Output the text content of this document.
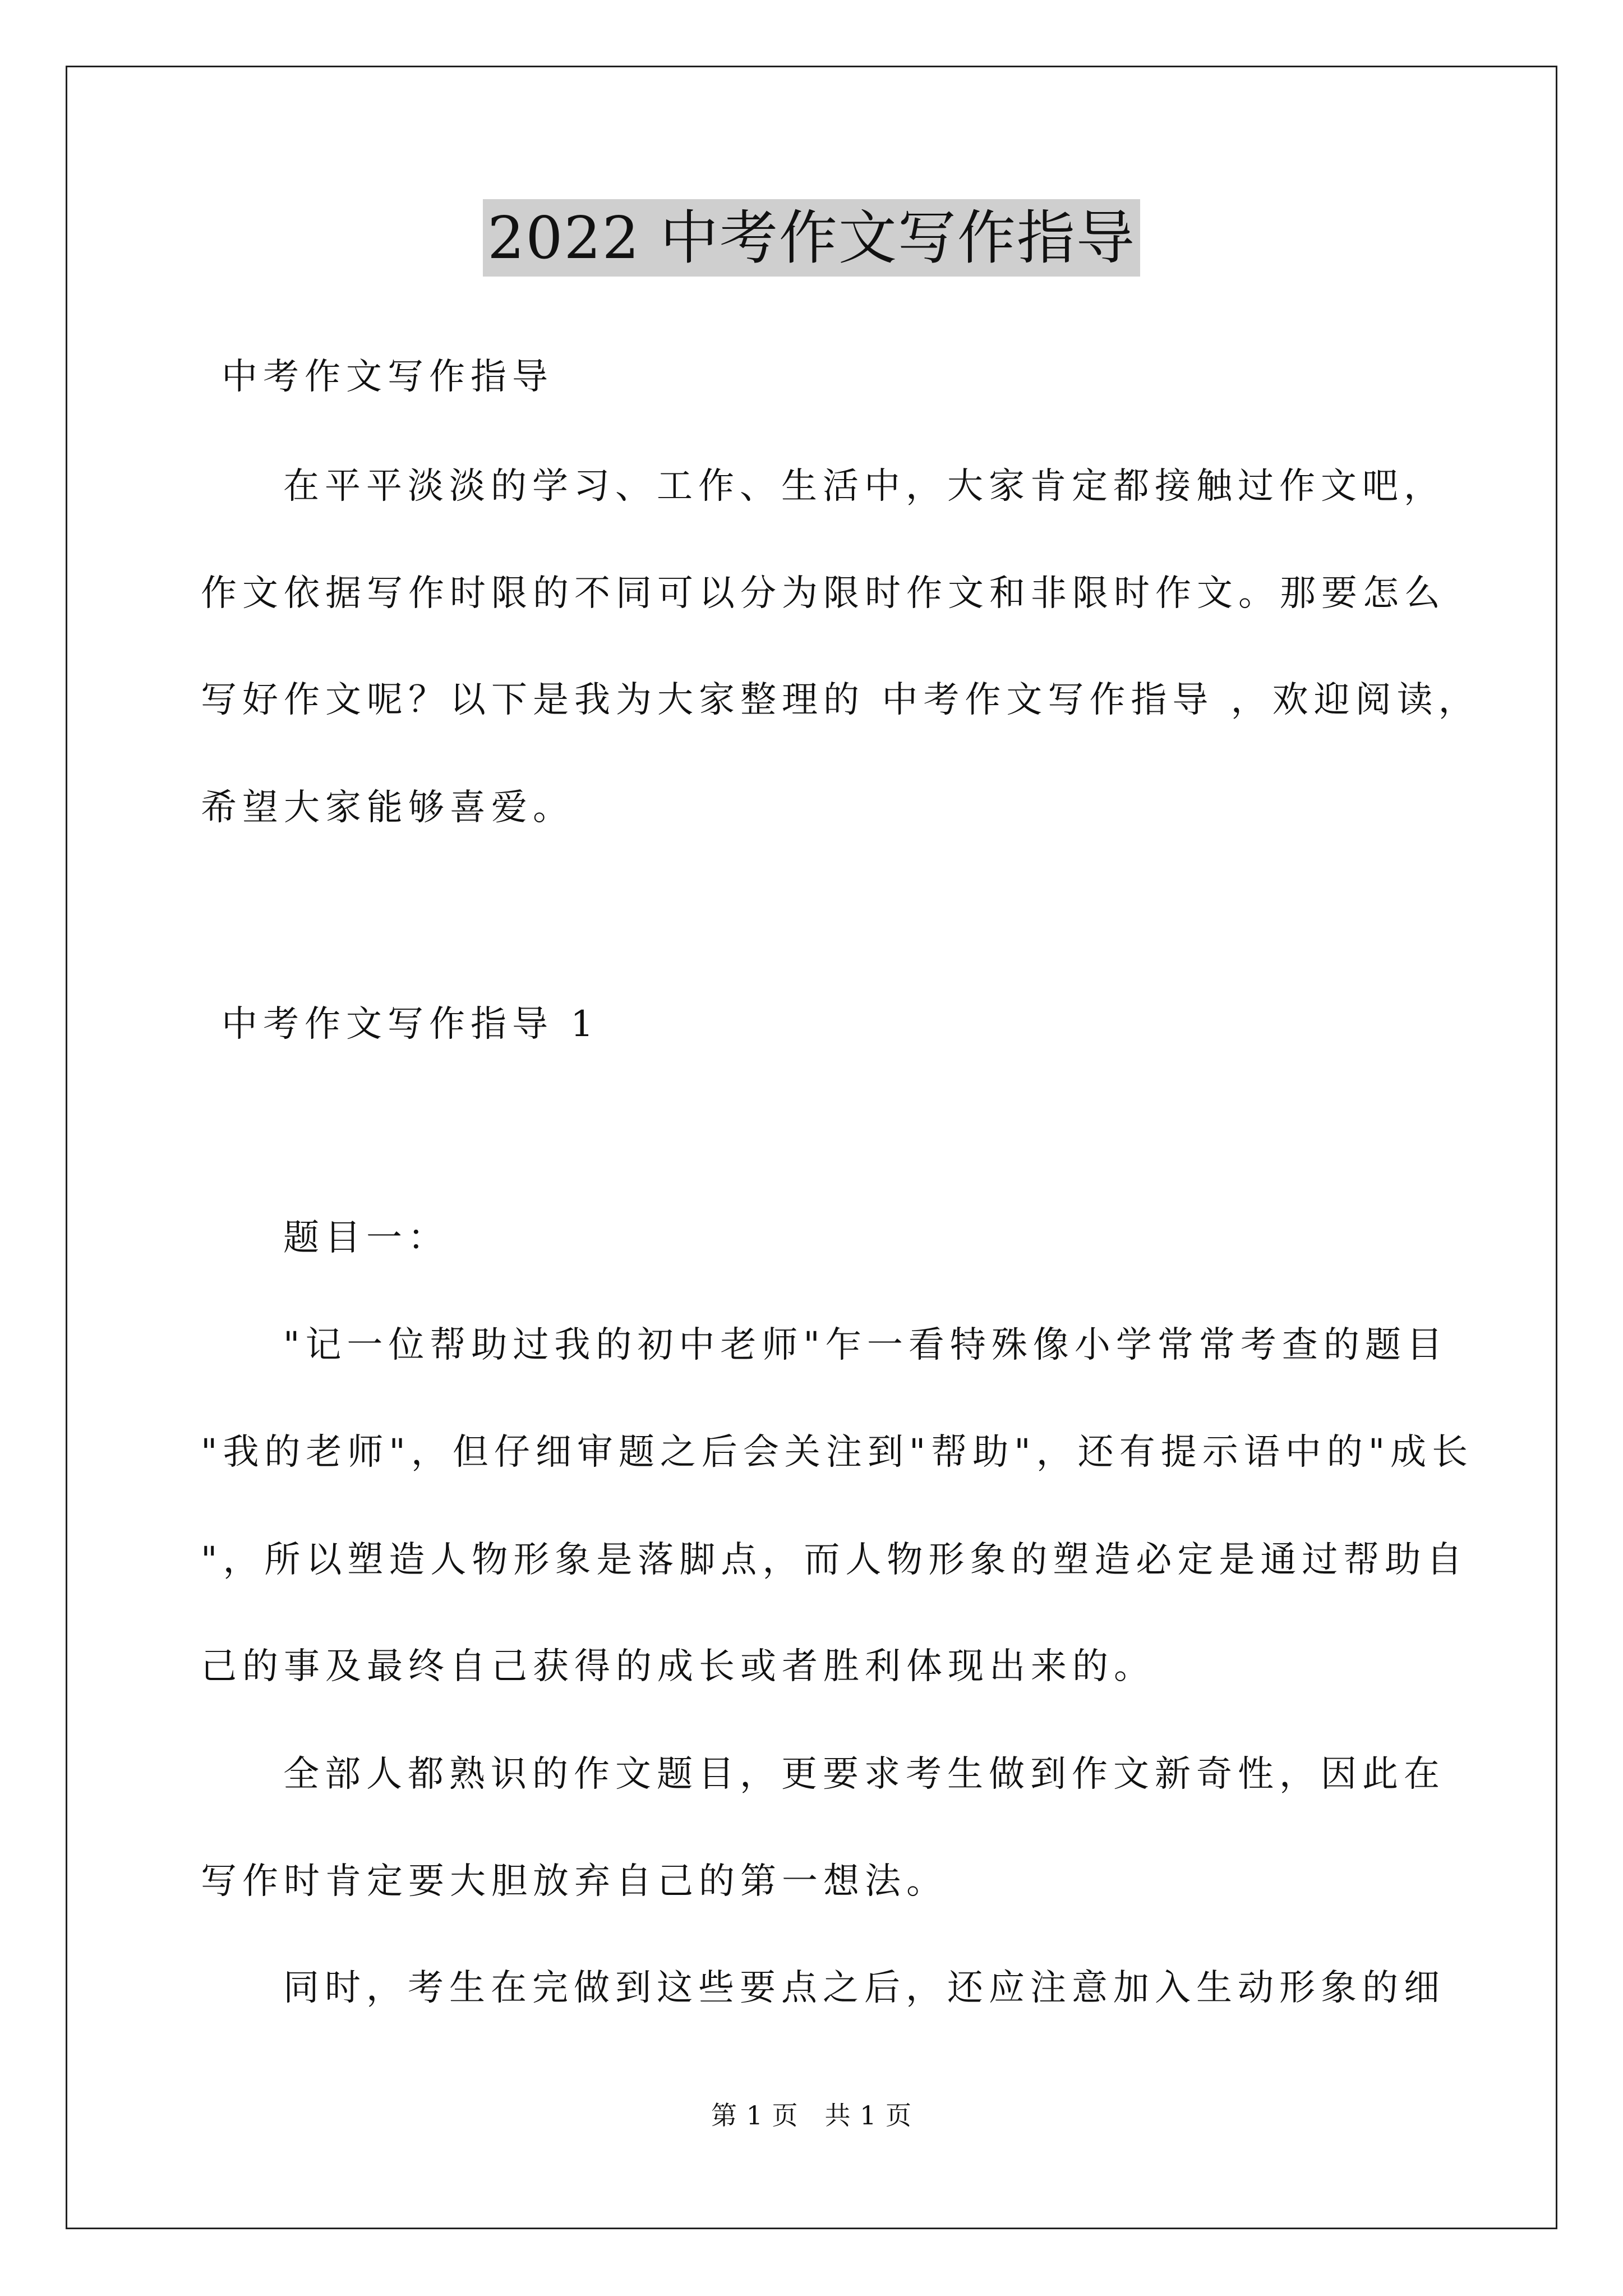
2022 中考作文写作指导
中考作文写作指导
在平平淡淡的学习、工作、生活中，大家肯定都接触过作文吧，
作文依据写作时限的不同可以分为限时作文和非限时作文。那要怎么
写好作文呢？以下是我为大家整理的 中考作文写作指导 ，欢迎阅读，
希望大家能够喜爱。
中考作文写作指导 1
题目一：
"记一位帮助过我的初中老师"乍一看特殊像小学常常考查的题目
"我的老师"，但仔细审题之后会关注到"帮助"，还有提示语中的"成长
"，所以塑造人物形象是落脚点，而人物形象的塑造必定是通过帮助自
己的事及最终自己获得的成长或者胜利体现出来的。
全部人都熟识的作文题目，更要求考生做到作文新奇性，因此在
写作时肯定要大胆放弃自己的第一想法。
同时，考生在完做到这些要点之后，还应注意加入生动形象的细
第 1 页　共 1 页
